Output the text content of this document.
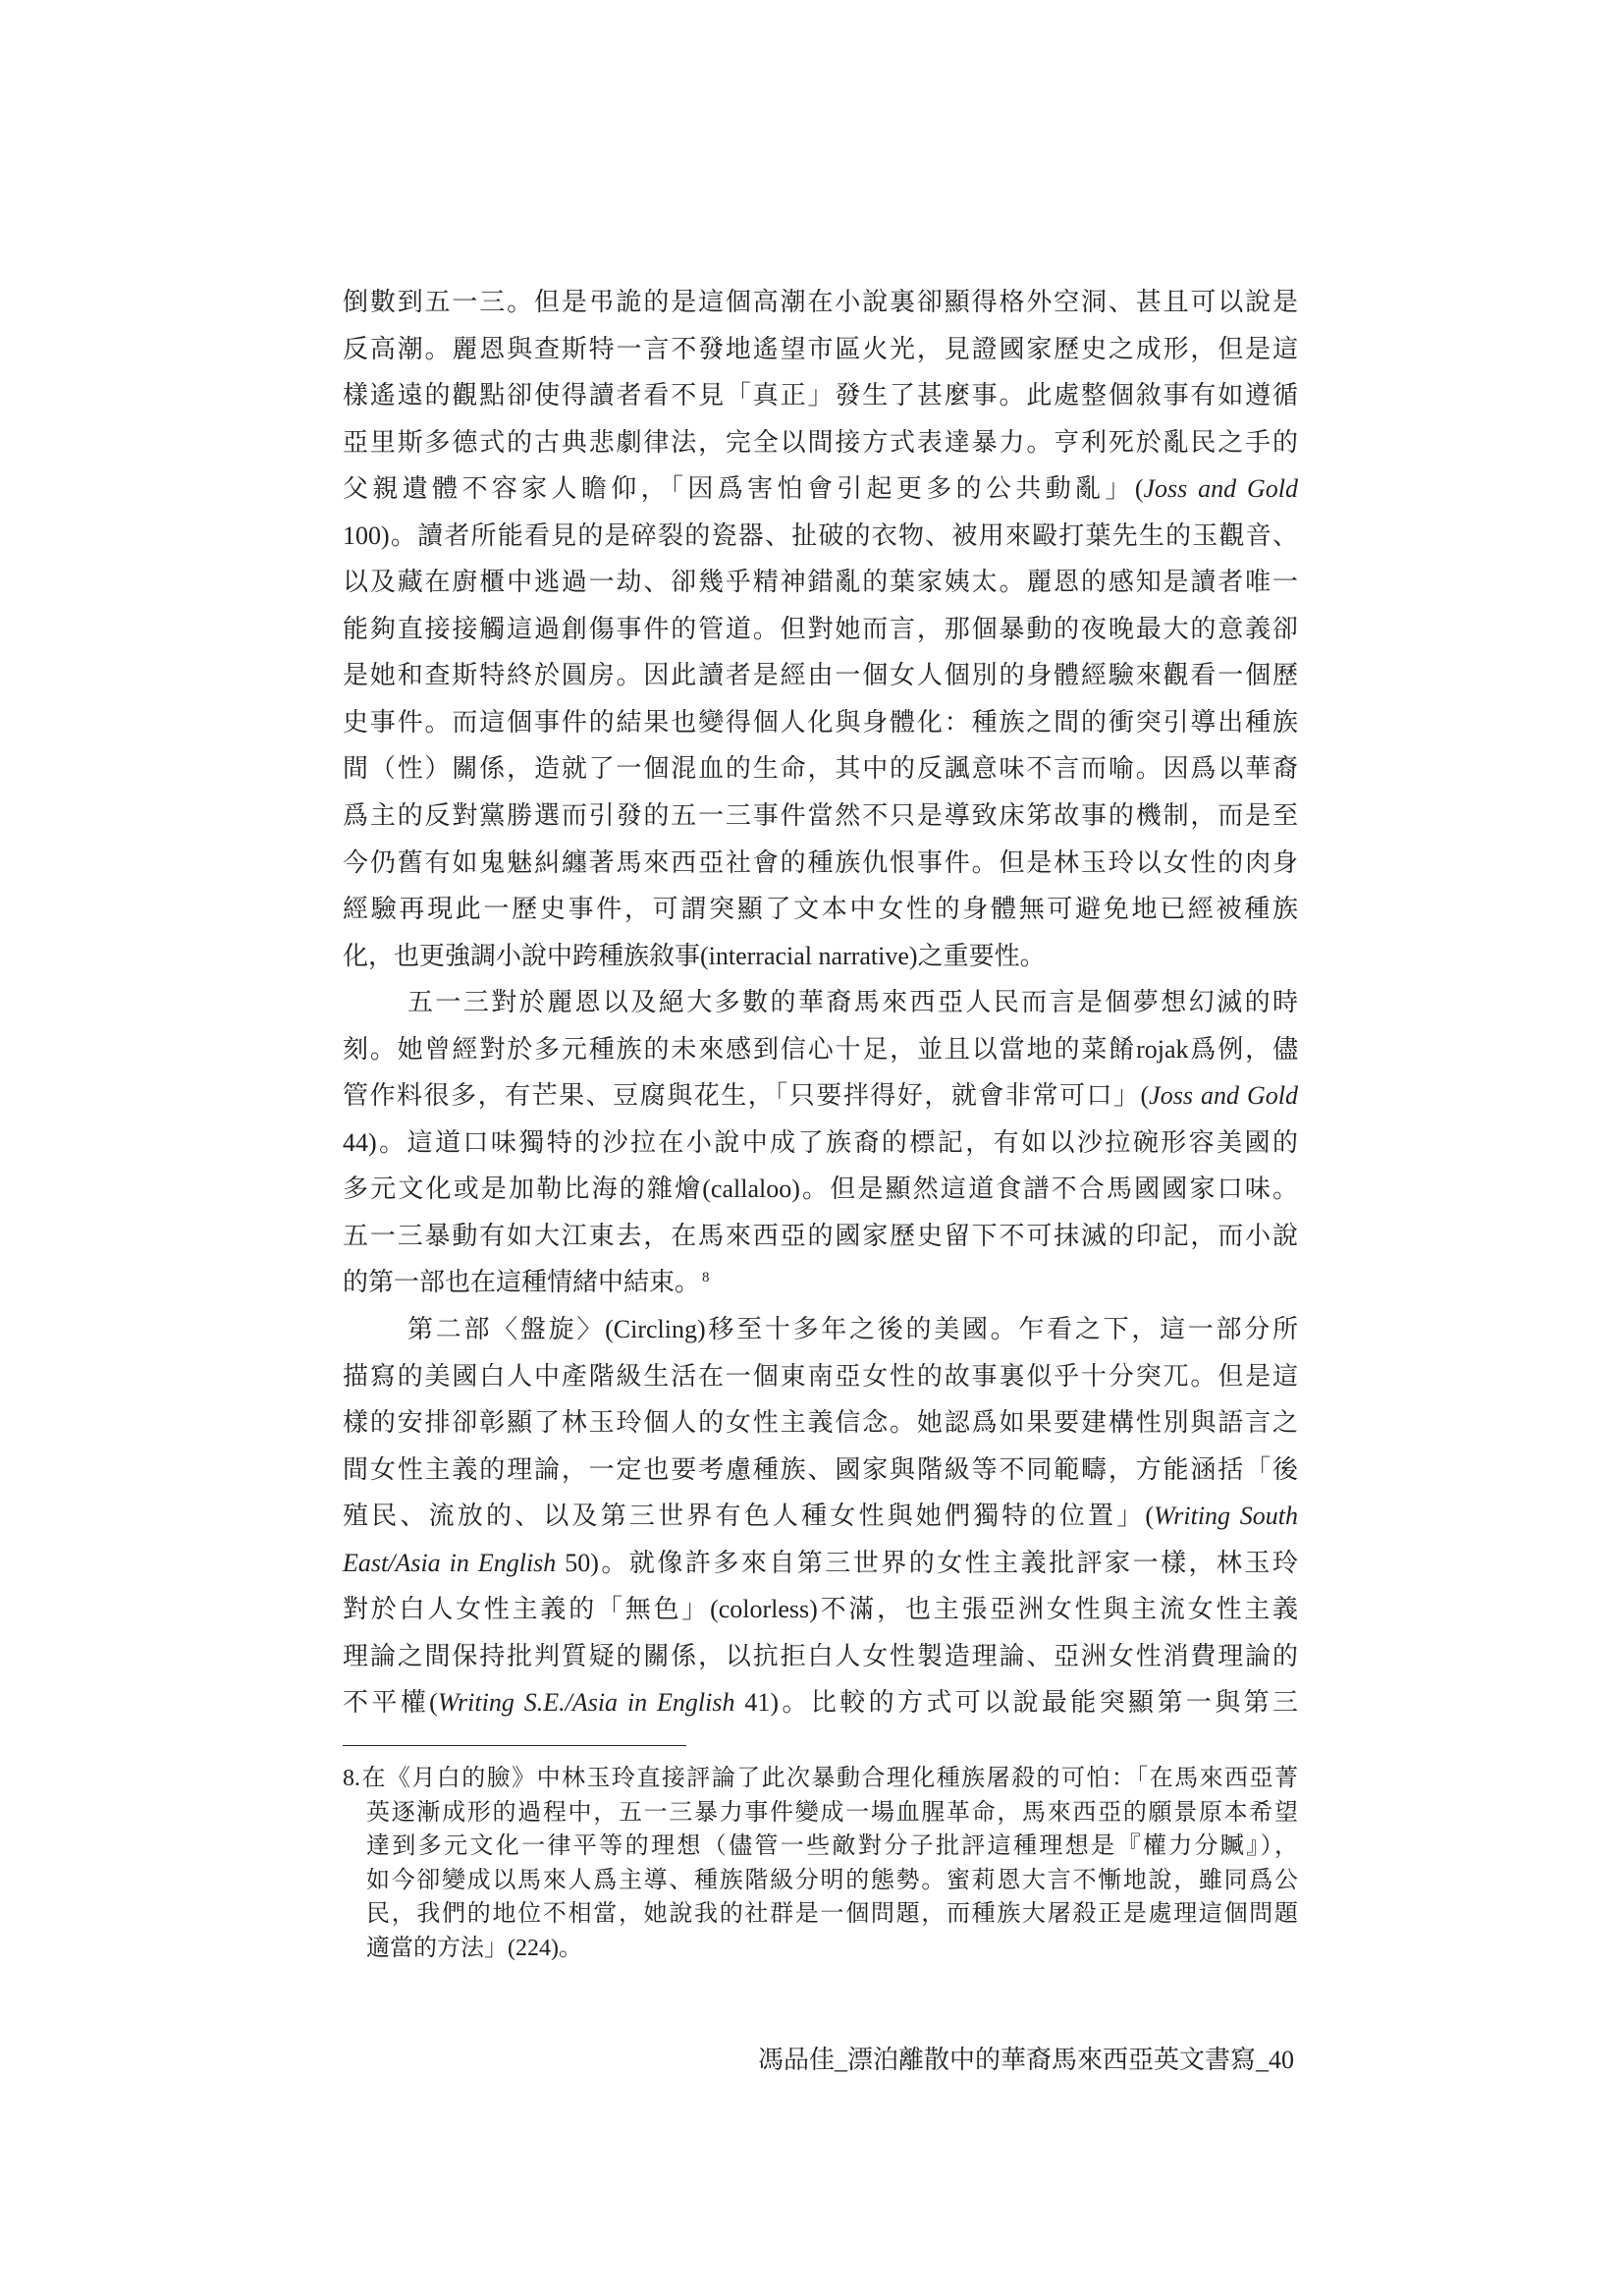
倒數到五一三。但是弔詭的是這個高潮在小說裏卻顯得格外空洞、甚且可以說是
反高潮。麗恩與查斯特一言不發地遙望市區火光，見證國家歷史之成形，但是這
樣遙遠的觀點卻使得讀者看不見「真正」發生了甚麼事。此處整個敘事有如遵循
亞里斯多德式的古典悲劇律法，完全以間接方式表達暴力。亨利死於亂民之手的
父親遺體不容家人瞻仰，「因爲害怕會引起更多的公共動亂」(Joss and Gold
100)。讀者所能看見的是碎裂的瓷器、扯破的衣物、被用來毆打葉先生的玉觀音、
以及藏在廚櫃中逃過一劫、卻幾乎精神錯亂的葉家姨太。麗恩的感知是讀者唯一
能夠直接接觸這過創傷事件的管道。但對她而言，那個暴動的夜晚最大的意義卻
是她和查斯特終於圓房。因此讀者是經由一個女人個別的身體經驗來觀看一個歷
史事件。而這個事件的結果也變得個人化與身體化：種族之間的衝突引導出種族
間（性）關係，造就了一個混血的生命，其中的反諷意味不言而喻。因爲以華裔
爲主的反對黨勝選而引發的五一三事件當然不只是導致床笫故事的機制，而是至
今仍舊有如鬼魅糾纏著馬來西亞社會的種族仇恨事件。但是林玉玲以女性的肉身
經驗再現此一歷史事件，可謂突顯了文本中女性的身體無可避免地已經被種族
化，也更強調小說中跨種族敘事(interracial narrative)之重要性。
五一三對於麗恩以及絕大多數的華裔馬來西亞人民而言是個夢想幻滅的時
刻。她曾經對於多元種族的未來感到信心十足，並且以當地的菜餚rojak爲例，儘
管作料很多，有芒果、豆腐與花生，「只要拌得好，就會非常可口」(Joss and Gold
44)。這道口味獨特的沙拉在小說中成了族裔的標記，有如以沙拉碗形容美國的
多元文化或是加勒比海的雜燴(callaloo)。但是顯然這道食譜不合馬國國家口味。
五一三暴動有如大江東去，在馬來西亞的國家歷史留下不可抹滅的印記，而小說
的第一部也在這種情緒中結束。 $^8$
第二部〈盤旋〉(Circling)移至十多年之後的美國。乍看之下，這一部分所
描寫的美國白人中產階級生活在一個東南亞女性的故事裏似乎十分突兀。但是這
樣的安排卻彰顯了林玉玲個人的女性主義信念。她認爲如果要建構性別與語言之
間女性主義的理論，一定也要考慮種族、國家與階級等不同範疇，方能涵括「後
殖民、流放的、以及第三世界有色人種女性與她們獨特的位置」(Writing South
East/Asia in English 50)。就像許多來自第三世界的女性主義批評家一樣，林玉玲
對於白人女性主義的「無色」(colorless)不滿，也主張亞洲女性與主流女性主義
理論之間保持批判質疑的關係，以抗拒白人女性製造理論、亞洲女性消費理論的
不平權(Writing S.E./Asia in English 41)。比較的方式可以說最能突顯第一與第三
8.在《月白的臉》中林玉玲直接評論了此次暴動合理化種族屠殺的可怕：「在馬來西亞菁
英逐漸成形的過程中，五一三暴力事件變成一場血腥革命，馬來西亞的願景原本希望
達到多元文化一律平等的理想（儘管一些敵對分子批評這種理想是『權力分贓』），
如今卻變成以馬來人爲主導、種族階級分明的態勢。蜜莉恩大言不慚地說，雖同爲公
民，我們的地位不相當，她說我的社群是一個問題，而種族大屠殺正是處理這個問題
適當的方法」(224)。
馮品佳_漂泊離散中的華裔馬來西亞英文書寫_40
